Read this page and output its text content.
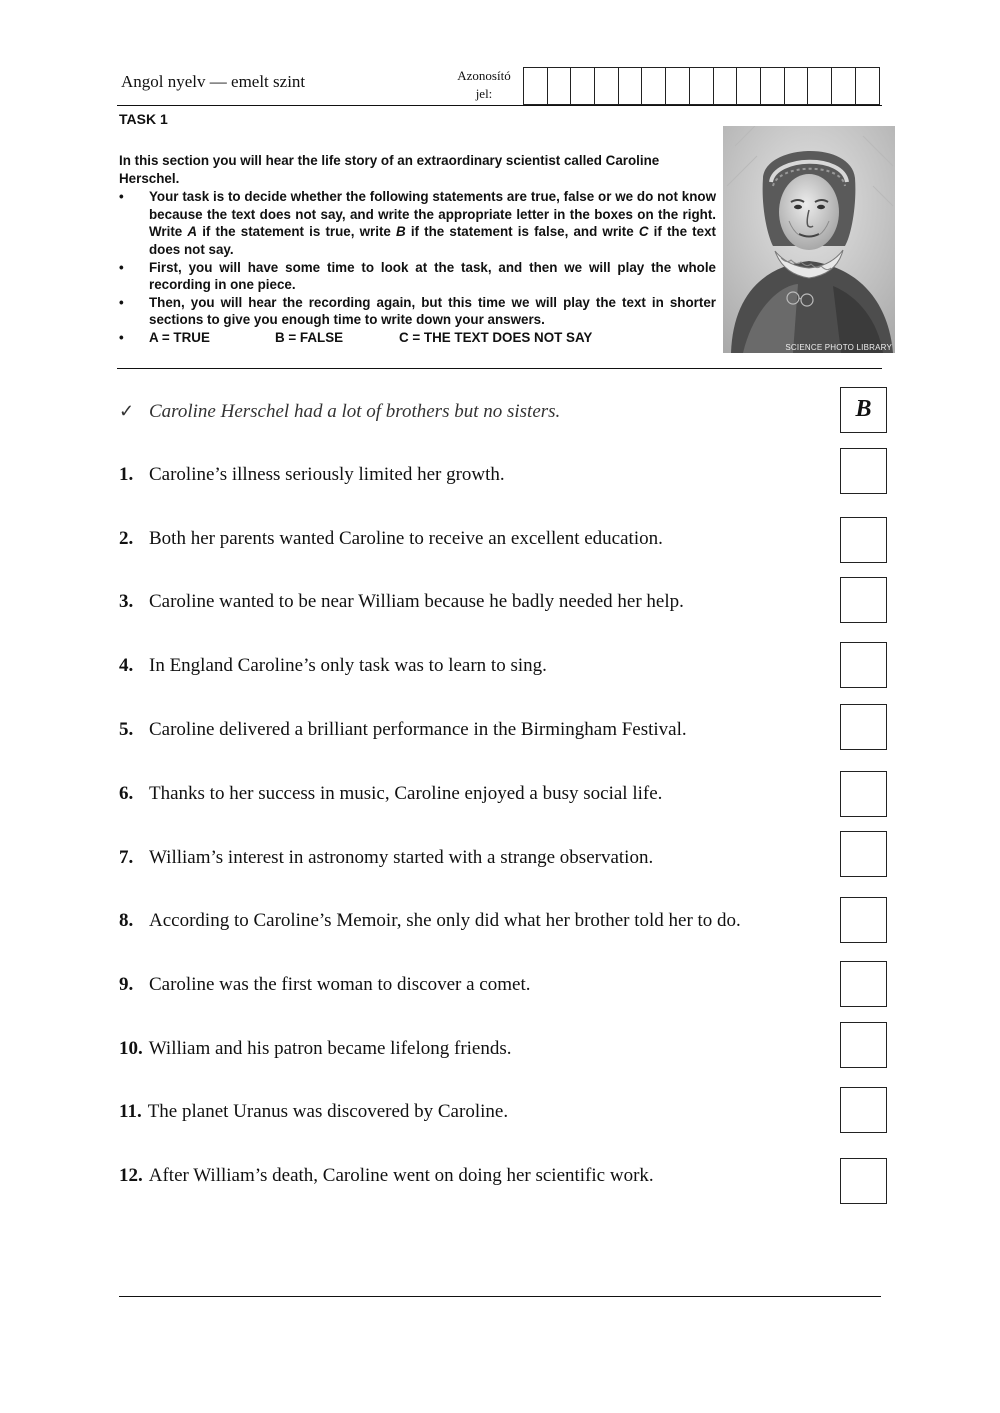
Angol nyelv — emelt szint	Azonosító
jel:
TASK 1

In this section you will hear the life story of an extraordinary scientist called Caroline Herschel.

•	Your task is to decide whether the following statements are true, false or we do not know because the text does not say, and write the appropriate letter in the boxes on the right. Write A if the statement is true, write B if the statement is false, and write C if the text does not say.
•	First, you will have some time to look at the task, and then we will play the whole recording in one piece.
•	Then, you will hear the recording again, but this time we will play the text in shorter sections to give you enough time to write down your answers.
•	A = TRUE	B = FALSE	C = THE TEXT DOES NOT SAY
SCIENCE PHOTO LIBRARY
✓ Caroline Herschel had a lot of brothers but no sisters.	B
1. Caroline’s illness seriously limited her growth.
2. Both her parents wanted Caroline to receive an excellent education.
3. Caroline wanted to be near William because he badly needed her help.
4. In England Caroline’s only task was to learn to sing.
5. Caroline delivered a brilliant performance in the Birmingham Festival.
6. Thanks to her success in music, Caroline enjoyed a busy social life.
7. William’s interest in astronomy started with a strange observation.
8. According to Caroline’s Memoir, she only did what her brother told her to do.
9. Caroline was the first woman to discover a comet.
10. William and his patron became lifelong friends.
11. The planet Uranus was discovered by Caroline.
12. After William’s death, Caroline went on doing her scientific work.
